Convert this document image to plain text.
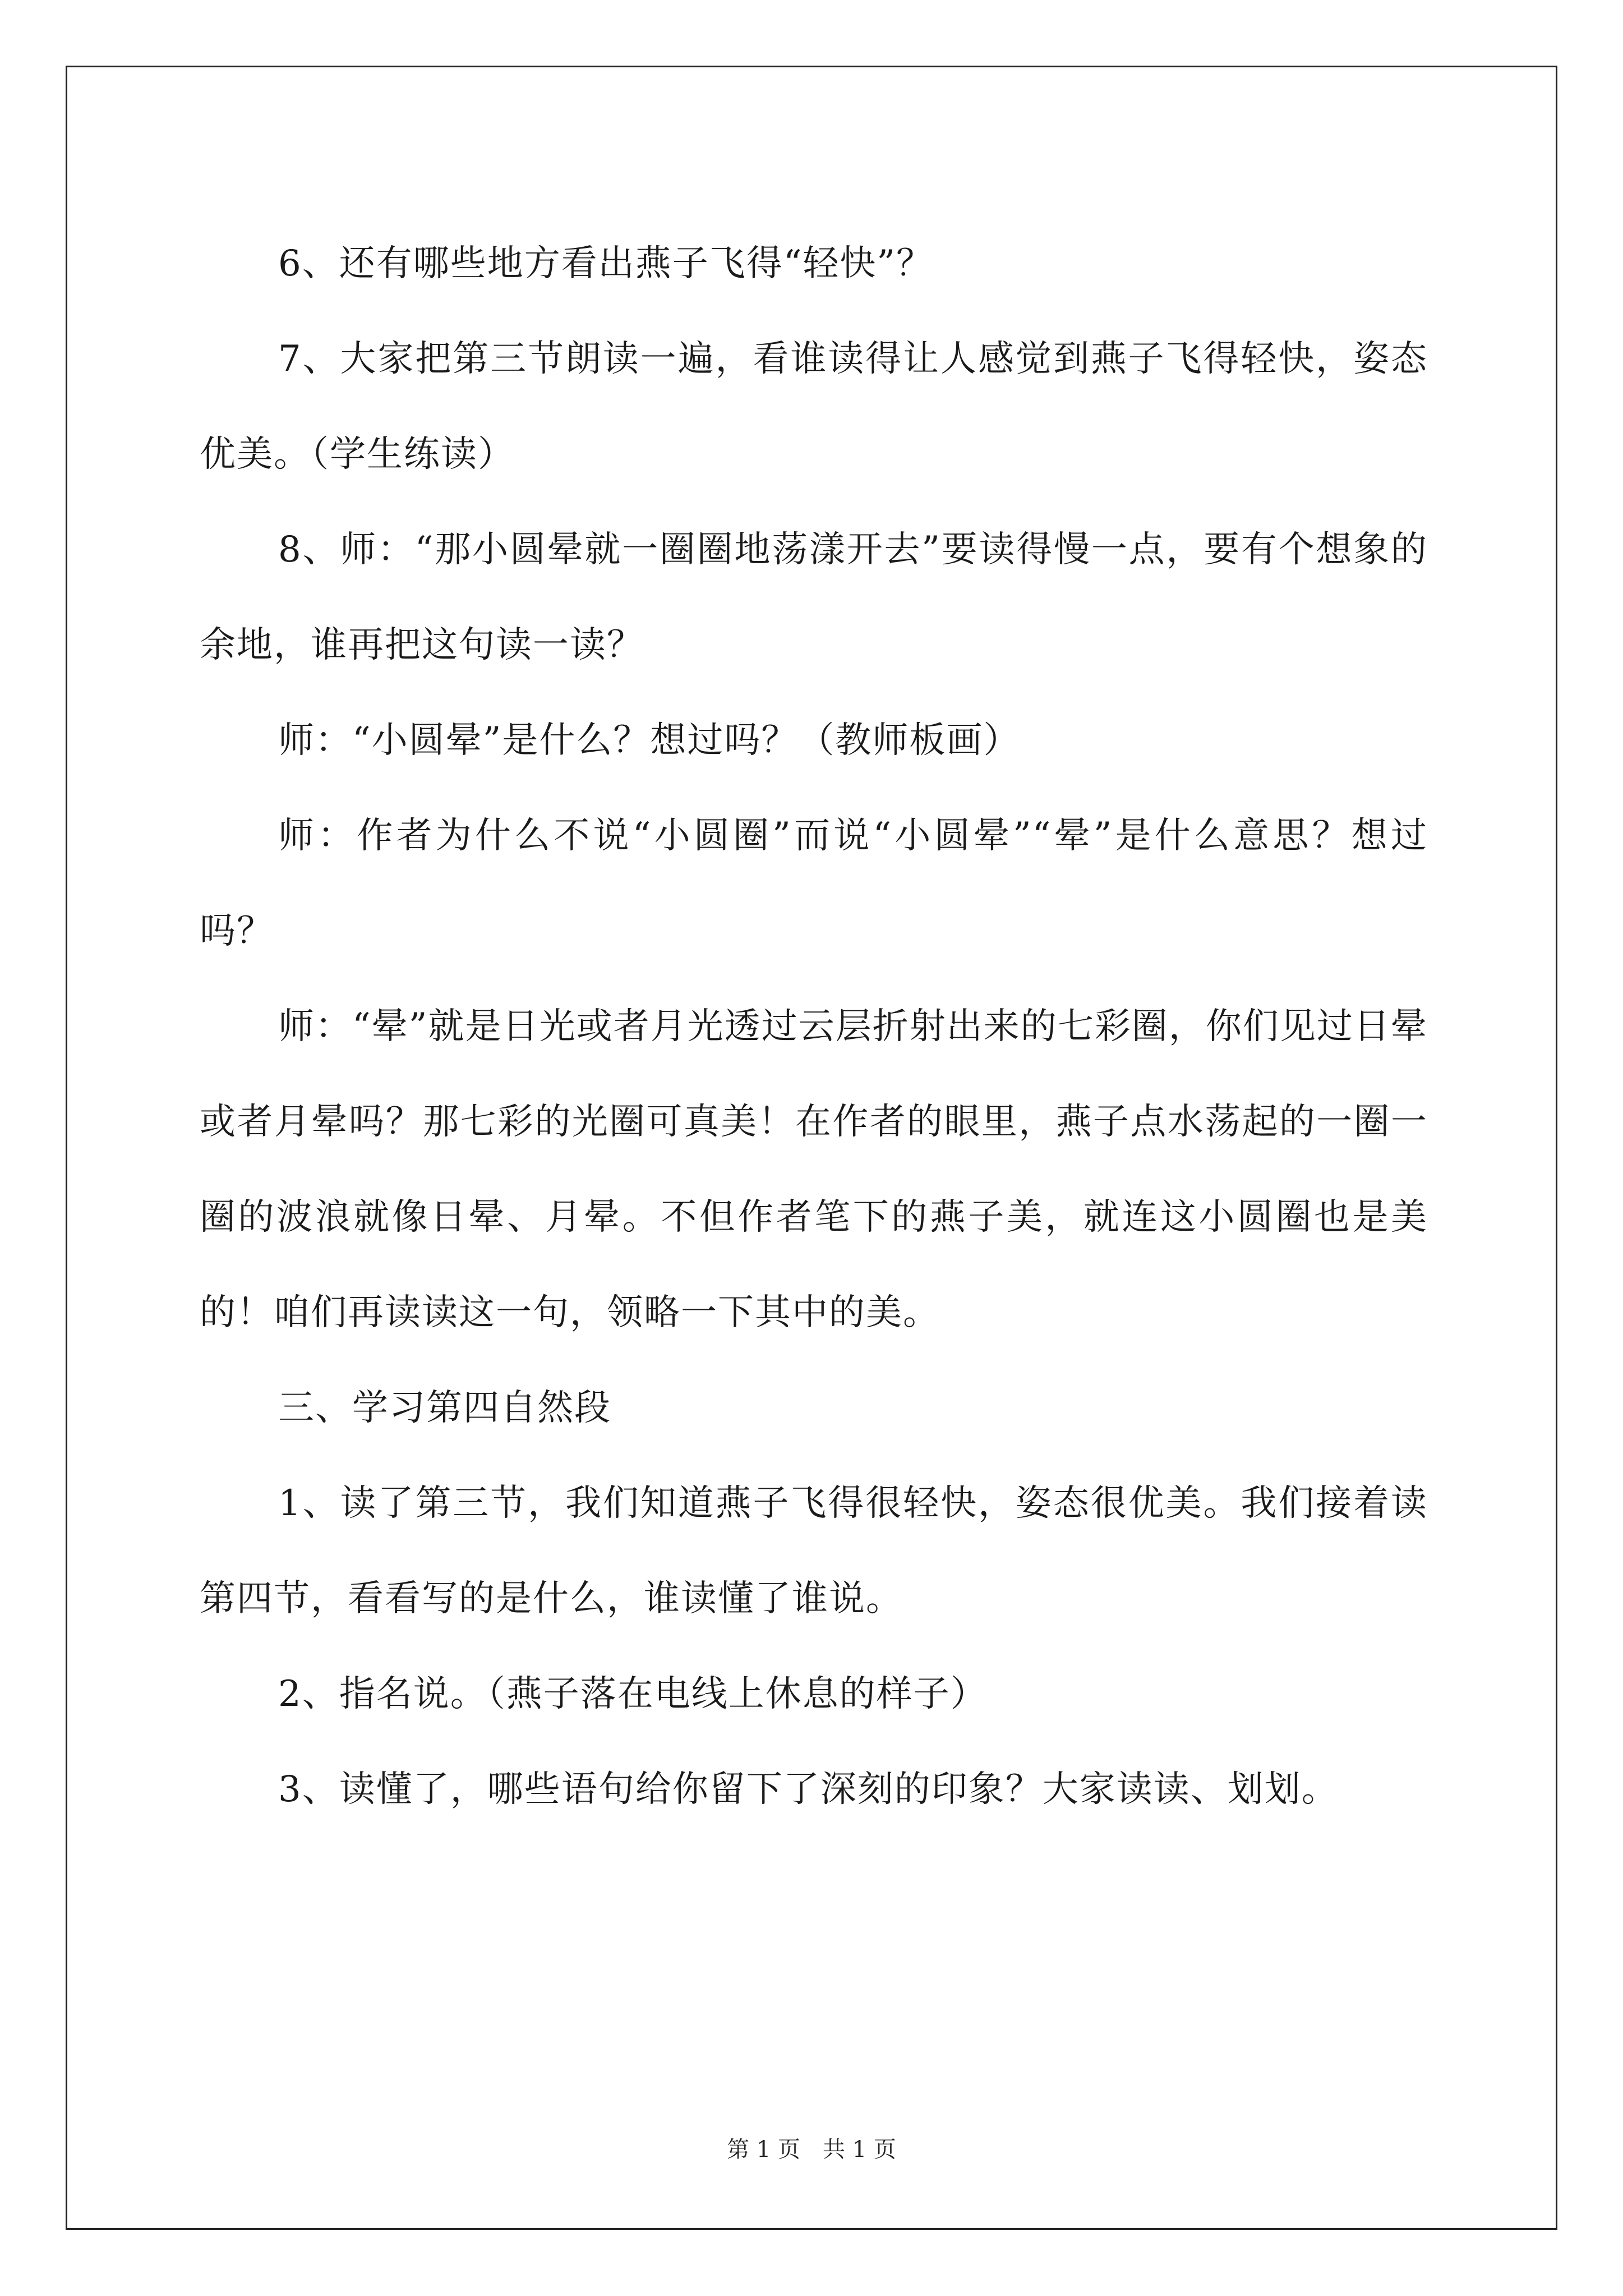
6、还有哪些地方看出燕子飞得“轻快”？

7、大家把第三节朗读一遍，看谁读得让人感觉到燕子飞得轻快，姿态优美。（学生练读）

8、师：“那小圆晕就一圈圈地荡漾开去”要读得慢一点，要有个想象的余地，谁再把这句读一读？

师：“小圆晕”是什么？想过吗？（教师板画）

师：作者为什么不说“小圆圈”而说“小圆晕”“晕”是什么意思？想过吗？

师：“晕”就是日光或者月光透过云层折射出来的七彩圈，你们见过日晕或者月晕吗？那七彩的光圈可真美！在作者的眼里，燕子点水荡起的一圈一圈的波浪就像日晕、月晕。不但作者笔下的燕子美，就连这小圆圈也是美的！咱们再读读这一句，领略一下其中的美。

三、学习第四自然段

1、读了第三节，我们知道燕子飞得很轻快，姿态很优美。我们接着读第四节，看看写的是什么，谁读懂了谁说。

2、指名说。（燕子落在电线上休息的样子）

3、读懂了，哪些语句给你留下了深刻的印象？大家读读、划划。

第 1 页　共 1 页
